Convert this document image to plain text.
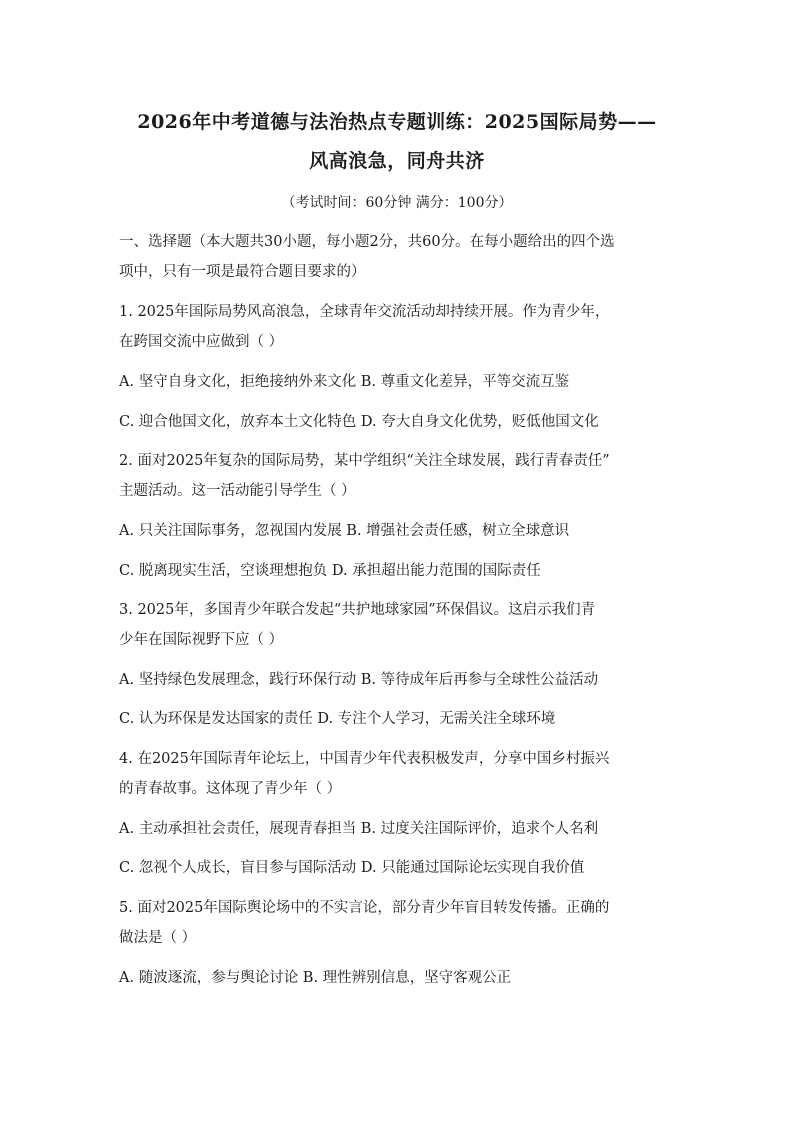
2026年中考道德与法治热点专题训练：2025国际局势——
风高浪急，同舟共济
（考试时间：60分钟 满分：100分）
一、选择题（本大题共30小题，每小题2分，共60分。在每小题给出的四个选
项中，只有一项是最符合题目要求的）
1. 2025年国际局势风高浪急，全球青年交流活动却持续开展。作为青少年，
在跨国交流中应做到（ ）
A. 坚守自身文化，拒绝接纳外来文化 B. 尊重文化差异，平等交流互鉴
C. 迎合他国文化，放弃本土文化特色 D. 夸大自身文化优势，贬低他国文化
2. 面对2025年复杂的国际局势，某中学组织“关注全球发展，践行青春责任”
主题活动。这一活动能引导学生（ ）
A. 只关注国际事务，忽视国内发展 B. 增强社会责任感，树立全球意识
C. 脱离现实生活，空谈理想抱负 D. 承担超出能力范围的国际责任
3. 2025年，多国青少年联合发起“共护地球家园”环保倡议。这启示我们青
少年在国际视野下应（ ）
A. 坚持绿色发展理念，践行环保行动 B. 等待成年后再参与全球性公益活动
C. 认为环保是发达国家的责任 D. 专注个人学习，无需关注全球环境
4. 在2025年国际青年论坛上，中国青少年代表积极发声，分享中国乡村振兴
的青春故事。这体现了青少年（ ）
A. 主动承担社会责任，展现青春担当 B. 过度关注国际评价，追求个人名利
C. 忽视个人成长，盲目参与国际活动 D. 只能通过国际论坛实现自我价值
5. 面对2025年国际舆论场中的不实言论，部分青少年盲目转发传播。正确的
做法是（ ）
A. 随波逐流，参与舆论讨论 B. 理性辨别信息，坚守客观公正
